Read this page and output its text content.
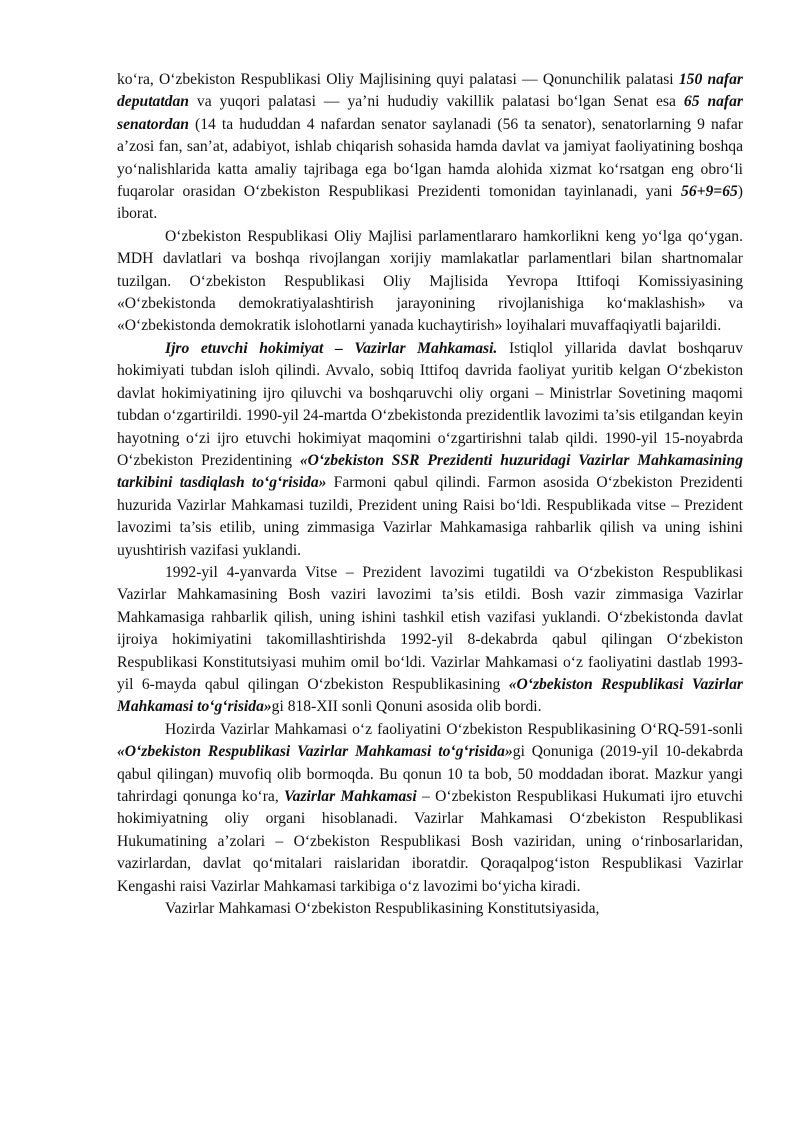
ko‘ra, O‘zbekiston Respublikasi Oliy Majlisining quyi palatasi — Qonunchilik palatasi 150 nafar deputatdan va yuqori palatasi — ya’ni hududiy vakillik palatasi bo‘lgan Senat esa 65 nafar senatordan (14 ta hududdan 4 nafardan senator saylanadi (56 ta senator), senatorlarning 9 nafar a’zosi fan, san’at, adabiyot, ishlab chiqarish sohasida hamda davlat va jamiyat faoliyatining boshqa yo‘nalishlarida katta amaliy tajribaga ega bo‘lgan hamda alohida xizmat ko‘rsatgan eng obro‘li fuqarolar orasidan O‘zbekiston Respublikasi Prezidenti tomonidan tayinlanadi, yani 56+9=65) iborat.

O‘zbekiston Respublikasi Oliy Majlisi parlamentlararo hamkorlikni keng yo‘lga qo‘ygan. MDH davlatlari va boshqa rivojlangan xorijiy mamlakatlar parlamentlari bilan shartnomalar tuzilgan. O‘zbekiston Respublikasi Oliy Majlisida Yevropa Ittifoqi Komissiyasining «O‘zbekistonda demokratiyalashtirish jarayonining rivojlanishiga ko‘maklashish» va «O‘zbekistonda demokratik islohotlarni yanada kuchaytirish» loyihalari muvaffaqiyatli bajarildi.

Ijro etuvchi hokimiyat – Vazirlar Mahkamasi. Istiqlol yillarida davlat boshqaruv hokimiyati tubdan isloh qilindi. Avvalo, sobiq Ittifoq davrida faoliyat yuritib kelgan O‘zbekiston davlat hokimiyatining ijro qiluvchi va boshqaruvchi oliy organi – Ministrlar Sovetining maqomi tubdan o‘zgartirildi. 1990-yil 24-martda O‘zbekistonda prezidentlik lavozimi ta’sis etilgandan keyin hayotning o‘zi ijro etuvchi hokimiyat maqomini o‘zgartirishni talab qildi. 1990-yil 15-noyabrda O‘zbekiston Prezidentining «O‘zbekiston SSR Prezidenti huzuridagi Vazirlar Mahkamasining tarkibini tasdiqlash to‘g‘risida» Farmoni qabul qilindi. Farmon asosida O‘zbekiston Prezidenti huzurida Vazirlar Mahkamasi tuzildi, Prezident uning Raisi bo‘ldi. Respublikada vitse – Prezident lavozimi ta’sis etilib, uning zimmasiga Vazirlar Mahkamasiga rahbarlik qilish va uning ishini uyushtirish vazifasi yuklandi.

1992-yil 4-yanvarda Vitse – Prezident lavozimi tugatildi va O‘zbekiston Respublikasi Vazirlar Mahkamasining Bosh vaziri lavozimi ta’sis etildi. Bosh vazir zimmasiga Vazirlar Mahkamasiga rahbarlik qilish, uning ishini tashkil etish vazifasi yuklandi. O‘zbekistonda davlat ijroiya hokimiyatini takomillashtirishda 1992-yil 8-dekabrda qabul qilingan O‘zbekiston Respublikasi Konstitutsiyasi muhim omil bo‘ldi. Vazirlar Mahkamasi o‘z faoliyatini dastlab 1993-yil 6-mayda qabul qilingan O‘zbekiston Respublikasining «O‘zbekiston Respublikasi Vazirlar Mahkamasi to‘g‘risida»gi 818-XII sonli Qonuni asosida olib bordi.

Hozirda Vazirlar Mahkamasi o‘z faoliyatini O‘zbekiston Respublikasining O‘RQ-591-sonli «O‘zbekiston Respublikasi Vazirlar Mahkamasi to‘g‘risida»gi Qonuniga (2019-yil 10-dekabrda qabul qilingan) muvofiq olib bormoqda. Bu qonun 10 ta bob, 50 moddadan iborat. Mazkur yangi tahrirdagi qonunga ko‘ra, Vazirlar Mahkamasi – O‘zbekiston Respublikasi Hukumati ijro etuvchi hokimiyatning oliy organi hisoblanadi. Vazirlar Mahkamasi O‘zbekiston Respublikasi Hukumatining a’zolari – O‘zbekiston Respublikasi Bosh vaziridan, uning o‘rinbosarlaridan, vazirlardan, davlat qo‘mitalari raislaridan iboratdir. Qoraqalpog‘iston Respublikasi Vazirlar Kengashi raisi Vazirlar Mahkamasi tarkibiga o‘z lavozimi bo‘yicha kiradi.

Vazirlar Mahkamasi O‘zbekiston Respublikasining Konstitutsiyasida,
